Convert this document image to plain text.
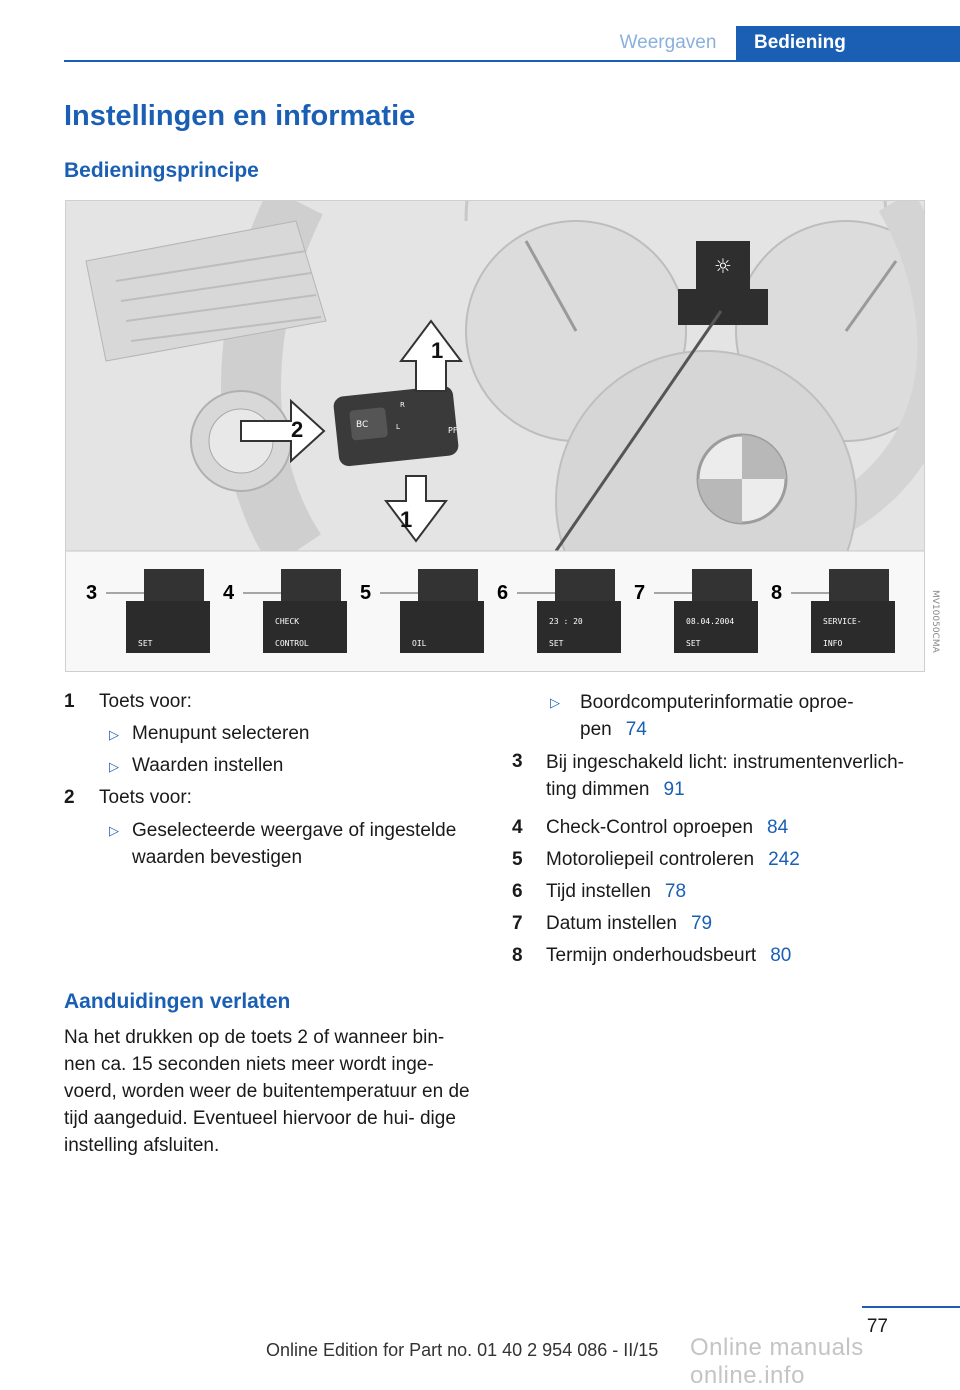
Weergaven	Bediening
Instellingen en informatie
Bedieningsprincipe
☼
BC
R
L	PF
1
2
1
3
SET
4
CHECK
CONTROL
5
OIL
6
23 : 20
SET
7
08.04.2004
SET
8
SERVICE-
INFO	MV10050CMA
1 Toets voor:
▷ Menupunt selecteren
▷ Waarden instellen
2 Toets voor:
▷ Geselecteerde weergave of ingestelde waarden bevestigen
▷ Boordcomputerinformatie oproe- pen 74
3 Bij ingeschakeld licht: instrumentenverlich- ting dimmen 91
4 Check-Control oproepen 84
5 Motoroliepeil controleren 242
6 Tijd instellen 78
7 Datum instellen 79
8 Termijn onderhoudsbeurt 80
Aanduidingen verlaten

Na het drukken op de toets 2 of wanneer bin- nen ca. 15 seconden niets meer wordt inge- voerd, worden weer de buitentemperatuur en de tijd aangeduid. Eventueel hiervoor de hui- dige instelling afsluiten.

77
Online Edition for Part no. 01 40 2 954 086 - II/15 Online manuals online.info
